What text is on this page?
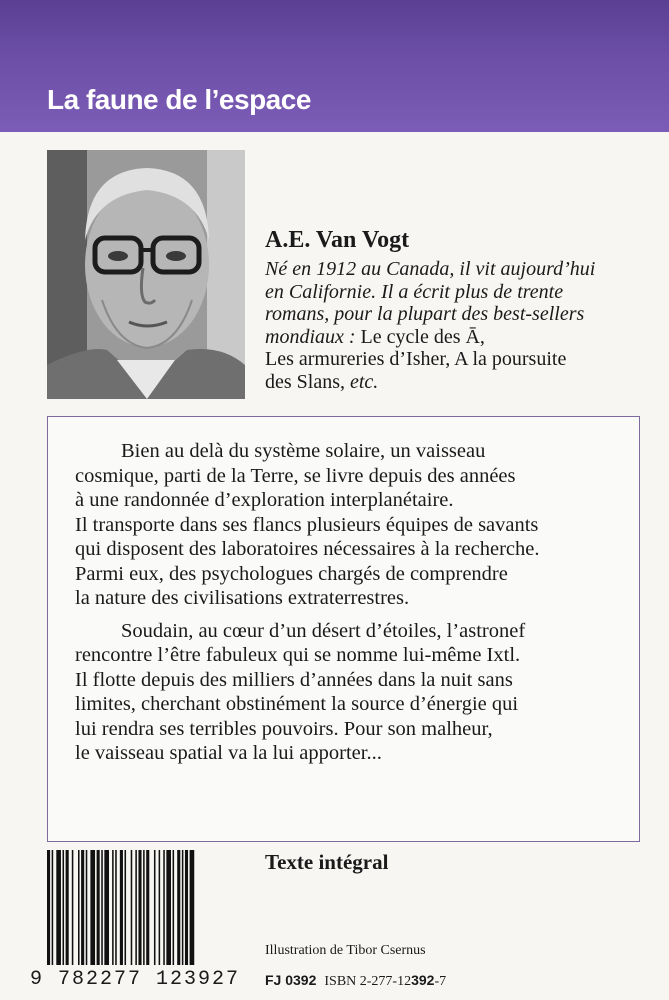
La faune de l’espace
A.E. Van Vogt
Né en 1912 au Canada, il vit aujourd’hui
en Californie. Il a écrit plus de trente
romans, pour la plupart des best-sellers
mondiaux : Le cycle des Ā,
Les armureries d’Isher, A la poursuite
des Slans, etc.

Bien au delà du système solaire, un vaisseau
cosmique, parti de la Terre, se livre depuis des années
à une randonnée d’exploration interplanétaire.
Il transporte dans ses flancs plusieurs équipes de savants
qui disposent des laboratoires nécessaires à la recherche.
Parmi eux, des psychologues chargés de comprendre
la nature des civilisations extraterrestres.

Soudain, au cœur d’un désert d’étoiles, l’astronef
rencontre l’être fabuleux qui se nomme lui-même Ixtl.
Il flotte depuis des milliers d’années dans la nuit sans
limites, cherchant obstinément la source d’énergie qui
lui rendra ses terribles pouvoirs. Pour son malheur,
le vaisseau spatial va la lui apporter...

9 782277 123927
Texte intégral
Illustration de Tibor Csernus
FJ 0392 ISBN 2-277-12392-7
